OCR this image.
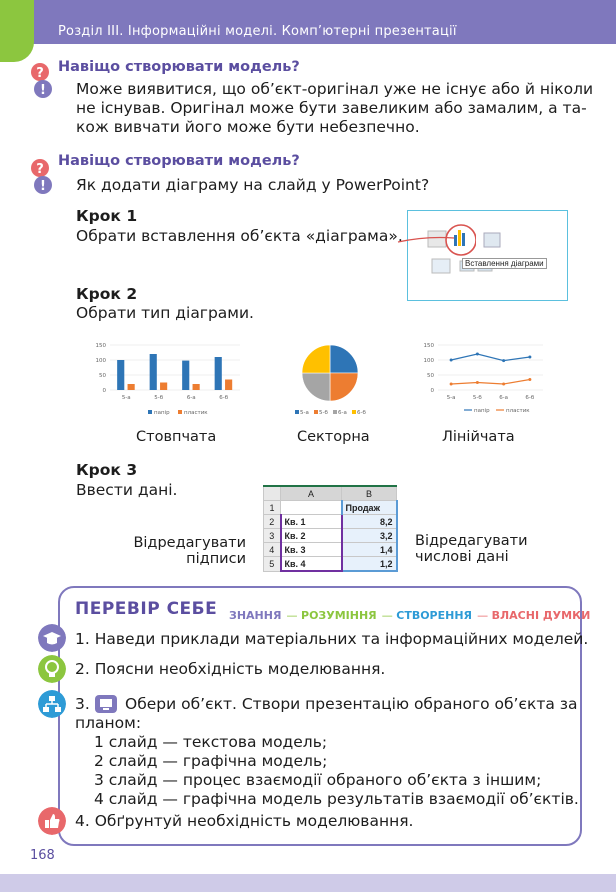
Розділ ІІІ. Інформаційні моделі. Комп’ютерні презентації
?
!
Навіщо створювати модель?
Може виявитися, що об’єкт-оригінал уже не існує або й ніколи
не існував. Оригінал може бути завеликим або замалим, а та-
кож вивчати його може бути небезпечно.
?
!
Навіщо створювати модель?
Як додати діаграму на слайд у PowerPoint?
Крок 1
Обрати вставлення об’єкта «діаграма».
Вставлення діаграми
Крок 2
Обрати тип діаграми.
150
100
50
0
5-а	5-б	6-а	6-б
папір	пластик	5-а 5-б 6-а 6-б
150
100
50
0
5-а	5-б	6-а	6-б
папір	пластик
Стовпчата	Секторна	Лінійчата
Крок 3
Ввести дані.
		A	B
1		Продаж
2	Кв. 1	8,2
3	Кв. 2	3,2
4	Кв. 3	1,4
5	Кв. 4	1,2
Відредагувати
підписи
Відредагувати
числові дані
ПЕРЕВІР СЕБЕ ЗНАННЯ — РОЗУМІННЯ — СТВОРЕННЯ — ВЛАСНІ ДУМКИ
1. Наведи приклади матеріальних та інформаційних моделей.
2. Поясни необхідність моделювання.
3. Обери об’єкт. Створи презентацію обраного об’єкта за
планом:
1 слайд — текстова модель;
2 слайд — графічна модель;
3 слайд — процес взаємодії обраного об’єкта з іншим;
4 слайд — графічна модель результатів взаємодії об’єктів.
4. Обґрунтуй необхідність моделювання.
168
